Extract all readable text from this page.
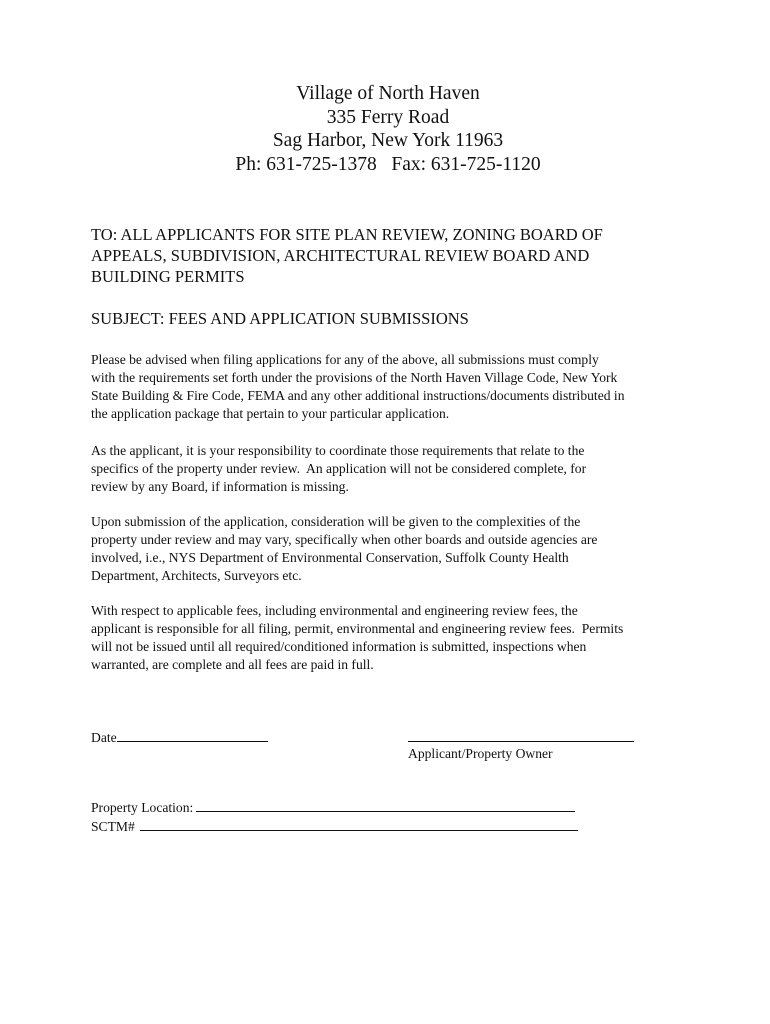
Village of North Haven
335 Ferry Road
Sag Harbor, New York 11963
Ph: 631-725-1378   Fax: 631-725-1120
TO: ALL APPLICANTS FOR SITE PLAN REVIEW, ZONING BOARD OF
APPEALS, SUBDIVISION, ARCHITECTURAL REVIEW BOARD AND
BUILDING PERMITS
SUBJECT: FEES AND APPLICATION SUBMISSIONS
Please be advised when filing applications for any of the above, all submissions must comply
with the requirements set forth under the provisions of the North Haven Village Code, New York
State Building & Fire Code, FEMA and any other additional instructions/documents distributed in
the application package that pertain to your particular application.
As the applicant, it is your responsibility to coordinate those requirements that relate to the
specifics of the property under review.  An application will not be considered complete, for
review by any Board, if information is missing.
Upon submission of the application, consideration will be given to the complexities of the
property under review and may vary, specifically when other boards and outside agencies are
involved, i.e., NYS Department of Environmental Conservation, Suffolk County Health
Department, Architects, Surveyors etc.
With respect to applicable fees, including environmental and engineering review fees, the
applicant is responsible for all filing, permit, environmental and engineering review fees.  Permits
will not be issued until all required/conditioned information is submitted, inspections when
warranted, are complete and all fees are paid in full.
Date
Applicant/Property Owner
Property Location:
SCTM#
